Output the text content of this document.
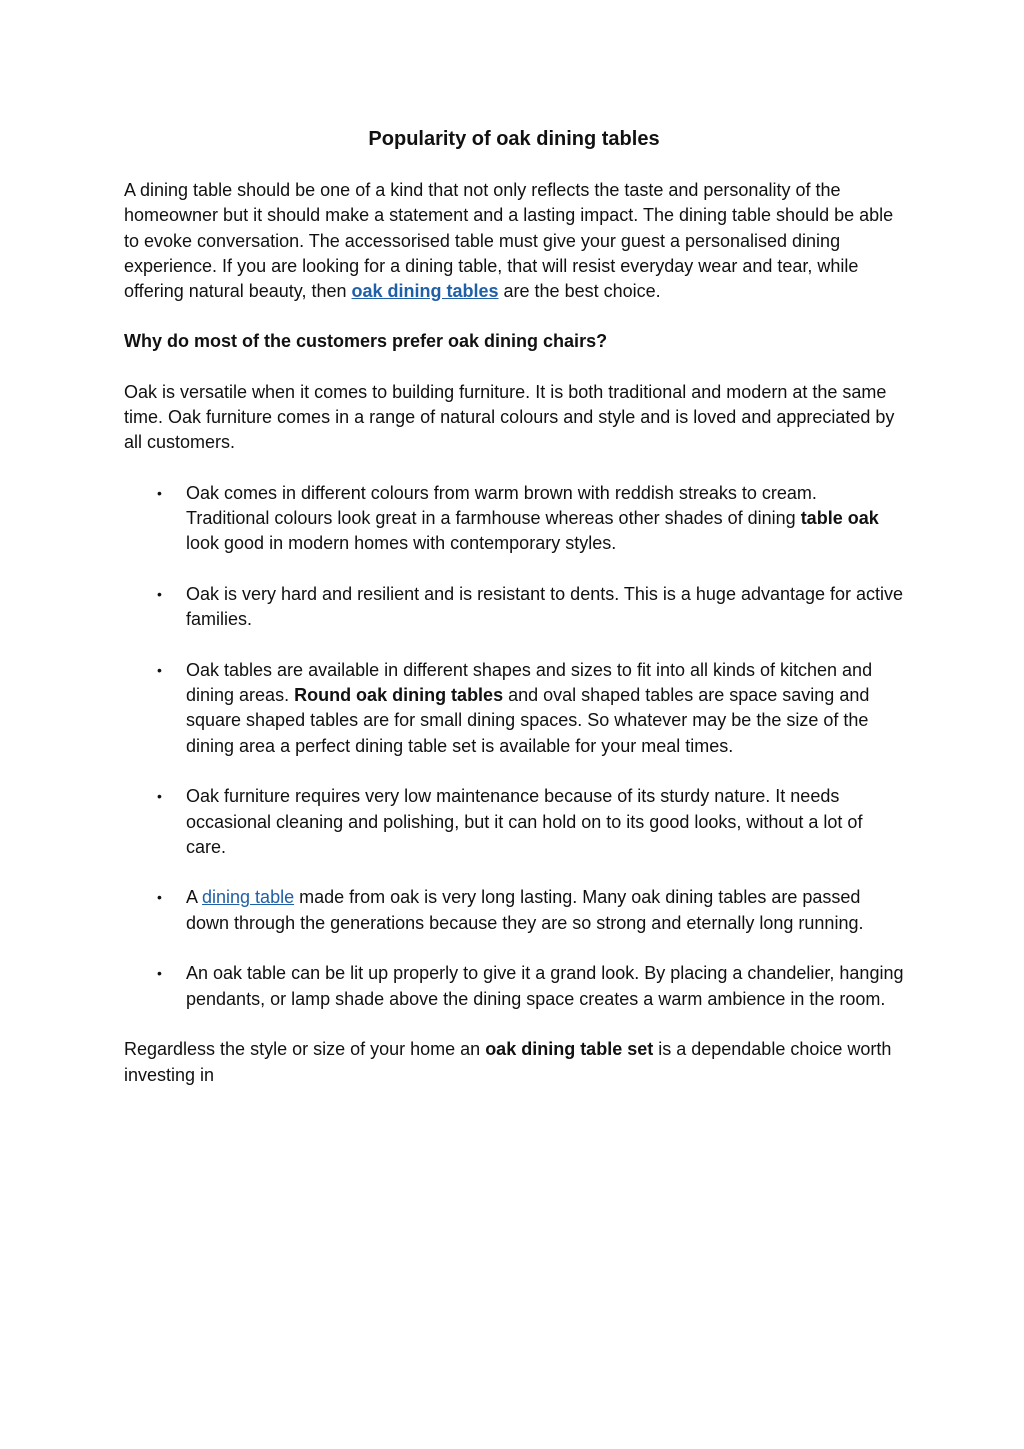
Popularity of oak dining tables

A dining table should be one of a kind that not only reflects the taste and personality of the homeowner but it should make a statement and a lasting impact. The dining table should be able to evoke conversation. The accessorised table must give your guest a personalised dining experience. If you are looking for a dining table, that will resist everyday wear and tear, while offering natural beauty, then oak dining tables are the best choice.

Why do most of the customers prefer oak dining chairs?

Oak is versatile when it comes to building furniture. It is both traditional and modern at the same time. Oak furniture comes in a range of natural colours and style and is loved and appreciated by all customers.

• Oak comes in different colours from warm brown with reddish streaks to cream. Traditional colours look great in a farmhouse whereas other shades of dining table oak look good in modern homes with contemporary styles.
• Oak is very hard and resilient and is resistant to dents. This is a huge advantage for active families.
• Oak tables are available in different shapes and sizes to fit into all kinds of kitchen and dining areas. Round oak dining tables and oval shaped tables are space saving and square shaped tables are for small dining spaces. So whatever may be the size of the dining area a perfect dining table set is available for your meal times.
• Oak furniture requires very low maintenance because of its sturdy nature. It needs occasional cleaning and polishing, but it can hold on to its good looks, without a lot of care.
• A dining table made from oak is very long lasting. Many oak dining tables are passed down through the generations because they are so strong and eternally long running.
• An oak table can be lit up properly to give it a grand look. By placing a chandelier, hanging pendants, or lamp shade above the dining space creates a warm ambience in the room.

Regardless the style or size of your home an oak dining table set is a dependable choice worth investing in
